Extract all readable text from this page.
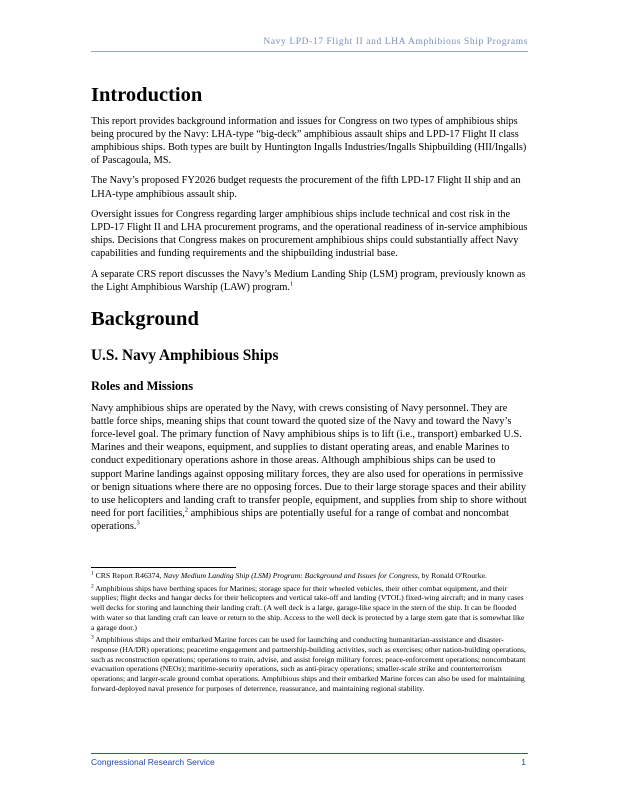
Navy LPD-17 Flight II and LHA Amphibious Ship Programs
Introduction

This report provides background information and issues for Congress on two types of amphibious ships being procured by the Navy: LHA-type “big-deck” amphibious assault ships and LPD-17 Flight II class amphibious ships. Both types are built by Huntington Ingalls Industries/Ingalls Shipbuilding (HII/Ingalls) of Pascagoula, MS.

The Navy’s proposed FY2026 budget requests the procurement of the fifth LPD-17 Flight II ship and an LHA-type amphibious assault ship.

Oversight issues for Congress regarding larger amphibious ships include technical and cost risk in the LPD-17 Flight II and LHA procurement programs, and the operational readiness of in-service amphibious ships. Decisions that Congress makes on procurement amphibious ships could substantially affect Navy capabilities and funding requirements and the shipbuilding industrial base.

A separate CRS report discusses the Navy’s Medium Landing Ship (LSM) program, previously known as the Light Amphibious Warship (LAW) program.$^1$

Background
U.S. Navy Amphibious Ships
Roles and Missions

Navy amphibious ships are operated by the Navy, with crews consisting of Navy personnel. They are battle force ships, meaning ships that count toward the quoted size of the Navy and toward the Navy’s force-level goal. The primary function of Navy amphibious ships is to lift (i.e., transport) embarked U.S. Marines and their weapons, equipment, and supplies to distant operating areas, and enable Marines to conduct expeditionary operations ashore in those areas. Although amphibious ships can be used to support Marine landings against opposing military forces, they are also used for operations in permissive or benign situations where there are no opposing forces. Due to their large storage spaces and their ability to use helicopters and landing craft to transfer people, equipment, and supplies from ship to shore without need for port facilities,$^2$ amphibious ships are potentially useful for a range of combat and noncombat operations.$^3$

$^1$ CRS Report R46374, Navy Medium Landing Ship (LSM) Program: Background and Issues for Congress, by Ronald O'Rourke.

$^2$ Amphibious ships have berthing spaces for Marines; storage space for their wheeled vehicles, their other combat equipment, and their supplies; flight decks and hangar decks for their helicopters and vertical take-off and landing (VTOL) fixed-wing aircraft; and in many cases well decks for storing and launching their landing craft. (A well deck is a large, garage-like space in the stern of the ship. It can be flooded with water so that landing craft can leave or return to the ship. Access to the well deck is protected by a large stern gate that is somewhat like a garage door.)

$^3$ Amphibious ships and their embarked Marine forces can be used for launching and conducting humanitarian-assistance and disaster-response (HA/DR) operations; peacetime engagement and partnership-building activities, such as exercises; other nation-building operations, such as reconstruction operations; operations to train, advise, and assist foreign military forces; peace-enforcement operations; noncombatant evacuation operations (NEOs); maritime-security operations, such as anti-piracy operations; smaller-scale strike and counterterrorism operations; and larger-scale ground combat operations. Amphibious ships and their embarked Marine forces can also be used for maintaining forward-deployed naval presence for purposes of deterrence, reassurance, and maintaining regional stability.

Congressional Research Service	1
